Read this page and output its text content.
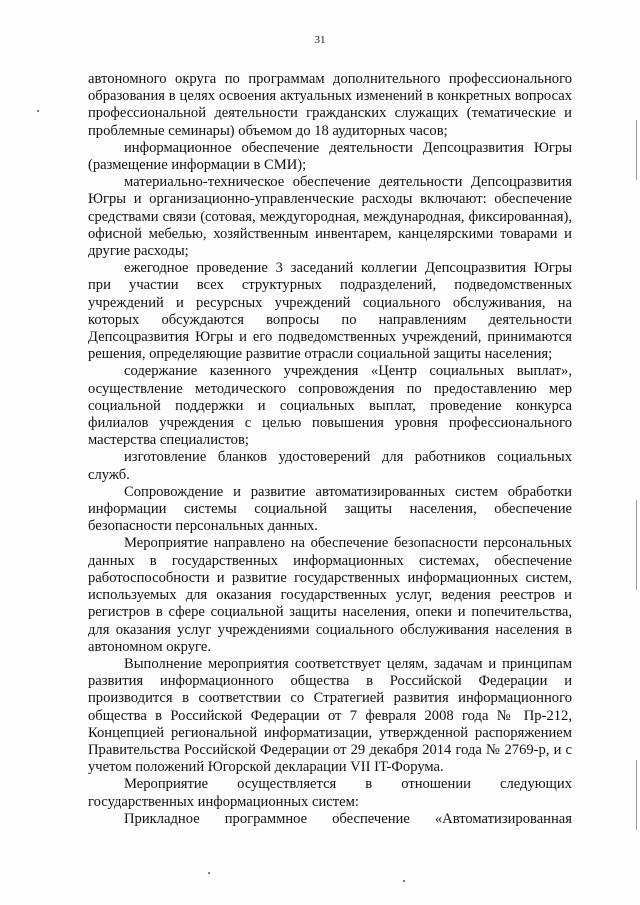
31

автономного округа по программам дополнительного профессионального образования в целях освоения актуальных изменений в конкретных вопросах профессиональной деятельности гражданских служащих (тематические и проблемные семинары) объемом до 18 аудиторных часов;

информационное обеспечение деятельности Депсоцразвития Югры (размещение информации в СМИ);

материально-техническое обеспечение деятельности Депсоцразвития Югры и организационно-управленческие расходы включают: обеспечение средствами связи (сотовая, междугородная, международная, фиксированная), офисной мебелью, хозяйственным инвентарем, канцелярскими товарами и другие расходы;

ежегодное проведение 3 заседаний коллегии Депсоцразвития Югры при участии всех структурных подразделений, подведомственных учреждений и ресурсных учреждений социального обслуживания, на которых обсуждаются вопросы по направлениям деятельности Депсоцразвития Югры и его подведомственных учреждений, принимаются решения, определяющие развитие отрасли социальной защиты населения;

содержание казенного учреждения «Центр социальных выплат», осуществление методического сопровождения по предоставлению мер социальной поддержки и социальных выплат, проведение конкурса филиалов учреждения с целью повышения уровня профессионального мастерства специалистов;

изготовление бланков удостоверений для работников социальных служб.

Сопровождение и развитие автоматизированных систем обработки информации системы социальной защиты населения, обеспечение безопасности персональных данных.

Мероприятие направлено на обеспечение безопасности персональных данных в государственных информационных системах, обеспечение работоспособности и развитие государственных информационных систем, используемых для оказания государственных услуг, ведения реестров и регистров в сфере социальной защиты населения, опеки и попечительства, для оказания услуг учреждениями социального обслуживания населения в автономном округе.

Выполнение мероприятия соответствует целям, задачам и принципам развития информационного общества в Российской Федерации и производится в соответствии со Стратегией развития информационного общества в Российской Федерации от 7 февраля 2008 года № Пр-212, Концепцией региональной информатизации, утвержденной распоряжением Правительства Российской Федерации от 29 декабря 2014 года № 2769-р, и с учетом положений Югорской декларации VII IT-Форума.

Мероприятие осуществляется в отношении следующих государственных информационных систем:

Прикладное программное обеспечение «Автоматизированная
